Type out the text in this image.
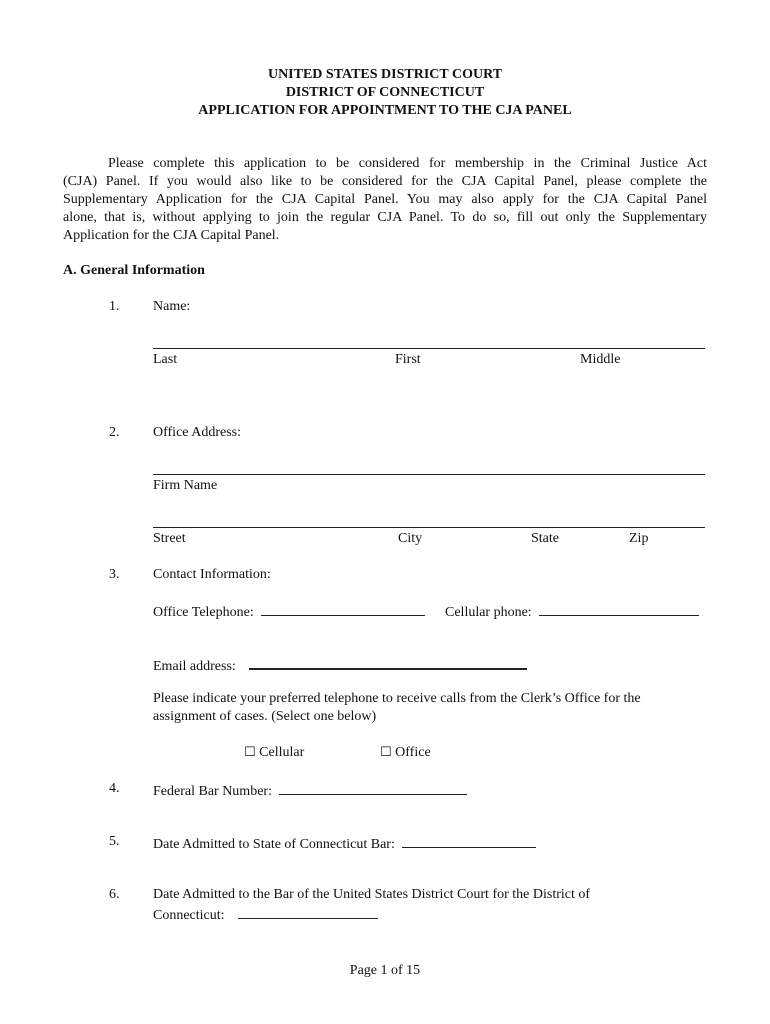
UNITED STATES DISTRICT COURT
DISTRICT OF CONNECTICUT
APPLICATION FOR APPOINTMENT TO THE CJA PANEL
Please complete this application to be considered for membership in the Criminal Justice Act
(CJA) Panel. If you would also like to be considered for the CJA Capital Panel, please complete the
Supplementary Application for the CJA Capital Panel. You may also apply for the CJA Capital Panel
alone, that is, without applying to join the regular CJA Panel. To do so, fill out only the Supplementary
Application for the CJA Capital Panel.
A. General Information
1. Name:
Last	First	Middle
2. Office Address:
Firm Name
Street	City	State	Zip
3. Contact Information:
Office Telephone:	Cellular phone:
Email address:
Please indicate your preferred telephone to receive calls from the Clerk’s Office for the
assignment of cases. (Select one below)
☐ Cellular	☐ Office
4. Federal Bar Number:
5. Date Admitted to State of Connecticut Bar:
6. Date Admitted to the Bar of the United States District Court for the District of
Connecticut:
Page 1 of 15
